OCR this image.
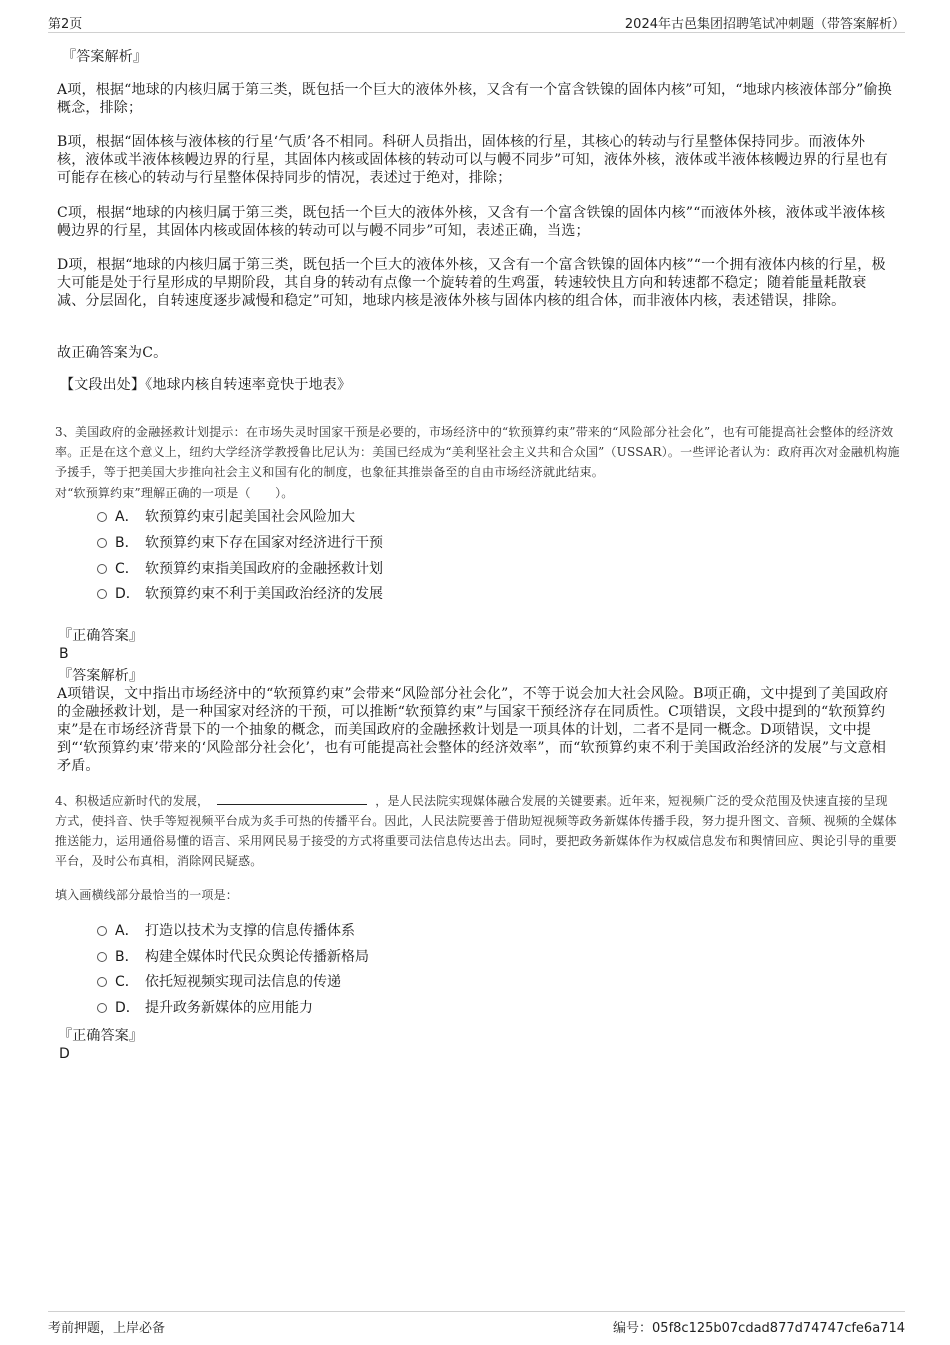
第2页	2024年古邑集团招聘笔试冲刺题（带答案解析）
『答案解析』
A项，根据“地球的内核归属于第三类，既包括一个巨大的液体外核，又含有一个富含铁镍的固体内核”可知，“地球内核液体部分”偷换概念，排除；
B项，根据“固体核与液体核的行星‘气质’各不相同。科研人员指出，固体核的行星，其核心的转动与行星整体保持同步。而液体外核，液体或半液体核幔边界的行星，其固体内核或固体核的转动可以与幔不同步”可知，液体外核，液体或半液体核幔边界的行星也有可能存在核心的转动与行星整体保持同步的情况，表述过于绝对，排除；
C项，根据“地球的内核归属于第三类，既包括一个巨大的液体外核，又含有一个富含铁镍的固体内核”“而液体外核，液体或半液体核幔边界的行星，其固体内核或固体核的转动可以与幔不同步”可知，表述正确，当选；
D项，根据“地球的内核归属于第三类，既包括一个巨大的液体外核，又含有一个富含铁镍的固体内核”“一个拥有液体内核的行星，极大可能是处于行星形成的早期阶段，其自身的转动有点像一个旋转着的生鸡蛋，转速较快且方向和转速都不稳定；随着能量耗散衰减、分层固化，自转速度逐步减慢和稳定”可知，地球内核是液体外核与固体内核的组合体，而非液体内核，表述错误，排除。
故正确答案为C。
【文段出处】《地球内核自转速率竟快于地表》
3、美国政府的金融拯救计划提示：在市场失灵时国家干预是必要的，市场经济中的“软预算约束”带来的“风险部分社会化”，也有可能提高社会整体的经济效率。正是在这个意义上，纽约大学经济学教授鲁比尼认为：美国已经成为“美利坚社会主义共和合众国”（USSAR）。一些评论者认为：政府再次对金融机构施予援手，等于把美国大步推向社会主义和国有化的制度，也象征其推崇备至的自由市场经济就此结束。
对“软预算约束”理解正确的一项是（　　）。
A． 软预算约束引起美国社会风险加大
B． 软预算约束下存在国家对经济进行干预
C． 软预算约束指美国政府的金融拯救计划
D． 软预算约束不利于美国政治经济的发展
『正确答案』
B
『答案解析』
A项错误，文中指出市场经济中的“软预算约束”会带来“风险部分社会化”，不等于说会加大社会风险。B项正确，文中提到了美国政府的金融拯救计划，是一种国家对经济的干预，可以推断“软预算约束”与国家干预经济存在同质性。C项错误，文段中提到的“软预算约束”是在市场经济背景下的一个抽象的概念，而美国政府的金融拯救计划是一项具体的计划，二者不是同一概念。D项错误，文中提到“‘软预算约束’带来的‘风险部分社会化’，也有可能提高社会整体的经济效率”，而“软预算约束不利于美国政治经济的发展”与文意相矛盾。
4、积极适应新时代的发展，	，是人民法院实现媒体融合发展的关键要素。近年来，短视频广泛的受众范围及快速直接的呈现方式，使抖音、快手等短视频平台成为炙手可热的传播平台。因此，人民法院要善于借助短视频等政务新媒体传播手段，努力提升图文、音频、视频的全媒体推送能力，运用通俗易懂的语言、采用网民易于接受的方式将重要司法信息传达出去。同时，要把政务新媒体作为权威信息发布和舆情回应、舆论引导的重要平台，及时公布真相，消除网民疑惑。
填入画横线部分最恰当的一项是：
A． 打造以技术为支撑的信息传播体系
B． 构建全媒体时代民众舆论传播新格局
C． 依托短视频实现司法信息的传递
D． 提升政务新媒体的应用能力
『正确答案』
D
考前押题，上岸必备	编号：05f8c125b07cdad877d74747cfe6a714
